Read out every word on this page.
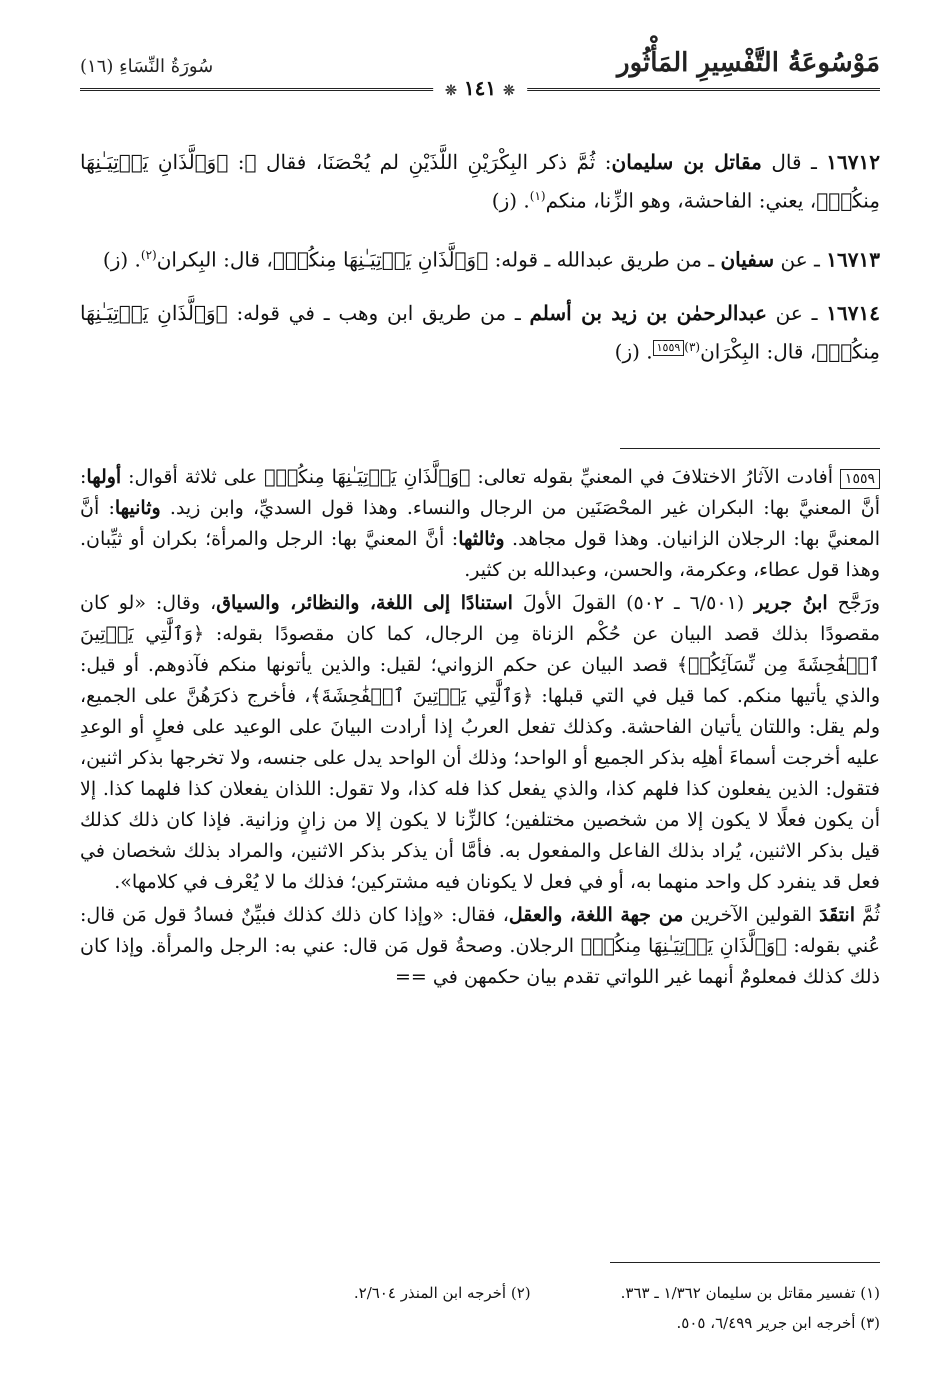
مَوْسُوعَةُ التَّفْسِيرِ المَأْثُور
سُورَةُ النِّسَاءِ (١٦)
❊ ١٤١ ❊

١٦٧١٢ ـ قال مقاتل بن سليمان: ثُمَّ ذكر البِكْرَيْنِ اللَّذَيْنِ لم يُحْصَنَا، فقال ﷻ: ﴿وَٱلَّذَانِ يَأۡتِيَـٰنِهَا مِنكُمۡ﴾، يعني: الفاحشة، وهو الزِّنا، منكم$^{(١)}$. (ز)

١٦٧١٣ ـ عن سفيان ـ من طريق عبدالله ـ قوله: ﴿وَٱلَّذَانِ يَأۡتِيَـٰنِهَا مِنكُمۡ﴾، قال: البِكران$^{(٢)}$. (ز)

١٦٧١٤ ـ عن عبدالرحمٰن بن زيد بن أسلم ـ من طريق ابن وهب ـ في قوله: ﴿وَٱلَّذَانِ يَأۡتِيَـٰنِهَا مِنكُمۡ﴾، قال: البِكْرَان$^{(٣)}$١٥٥٩. (ز)

١٥٥٩ أفادت الآثارُ الاختلافَ في المعنيِّ بقوله تعالى: ﴿وَٱلَّذَانِ يَأۡتِيَـٰنِهَا مِنكُمۡ﴾ على ثلاثة أقوال: أولها: أنَّ المعنيَّ بها: البكران غير المحْصَنَين من الرجال والنساء. وهذا قول السديِّ، وابن زيد. وثانيها: أنَّ المعنيَّ بها: الرجلان الزانيان. وهذا قول مجاهد. وثالثها: أنَّ المعنيَّ بها: الرجل والمرأة؛ بكران أو ثيِّبان. وهذا قول عطاء، وعكرمة، والحسن، وعبدالله بن كثير.

ورَجَّح ابنُ جرير (٦/٥٠١ ـ ٥٠٢) القولَ الأولَ استنادًا إلى اللغة، والنظائر، والسياق، وقال: «لو كان مقصودًا بذلك قصد البيان عن حُكْم الزناة مِن الرجال، كما كان مقصودًا بقوله: ﴿وَٱلَّٰتِي يَأۡتِينَ ٱلۡفَٰحِشَةَ مِن نِّسَآئِكُمۡ﴾ قصد البيان عن حكم الزواني؛ لقيل: والذين يأتونها منكم فآذوهم. أو قيل: والذي يأتيها منكم. كما قيل في التي قبلها: ﴿وَٱلَّٰتِي يَأۡتِينَ ٱلۡفَٰحِشَةَ﴾، فأخرج ذكرَهُنَّ على الجميع، ولم يقل: واللتان يأتيان الفاحشة. وكذلك تفعل العربُ إذا أرادت البيانَ على الوعيد على فعلٍ أو الوعدِ عليه أخرجت أسماءَ أهلِه بذكر الجميع أو الواحد؛ وذلك أن الواحد يدل على جنسه، ولا تخرجها بذكر اثنين، فتقول: الذين يفعلون كذا فلهم كذا، والذي يفعل كذا فله كذا، ولا تقول: اللذان يفعلان كذا فلهما كذا. إلا أن يكون فعلًا لا يكون إلا من شخصين مختلفين؛ كالزِّنا لا يكون إلا من زانٍ وزانية. فإذا كان ذلك كذلك قيل بذكر الاثنين، يُراد بذلك الفاعل والمفعول به. فأمَّا أن يذكر بذكر الاثنين، والمراد بذلك شخصان في فعل قد ينفرد كل واحد منهما به، أو في فعل لا يكونان فيه مشتركين؛ فذلك ما لا يُعْرف في كلامها».

ثُمَّ انتقَدَ القولين الآخرين من جهة اللغة، والعقل، فقال: «وإذا كان ذلك كذلك فبيِّنٌ فسادُ قول مَن قال: عُني بقوله: ﴿وَٱلَّذَانِ يَأۡتِيَـٰنِهَا مِنكُمۡ﴾ الرجلان. وصحةُ قول مَن قال: عني به: الرجل والمرأة. وإذا كان ذلك كذلك فمعلومٌ أنهما غير اللواتي تقدم بيان حكمهن في ==

(١) تفسير مقاتل بن سليمان ١/٣٦٢ ـ ٣٦٣.
(٢) أخرجه ابن المنذر ٢/٦٠٤.
(٣) أخرجه ابن جرير ٦/٤٩٩، ٥٠٥.
